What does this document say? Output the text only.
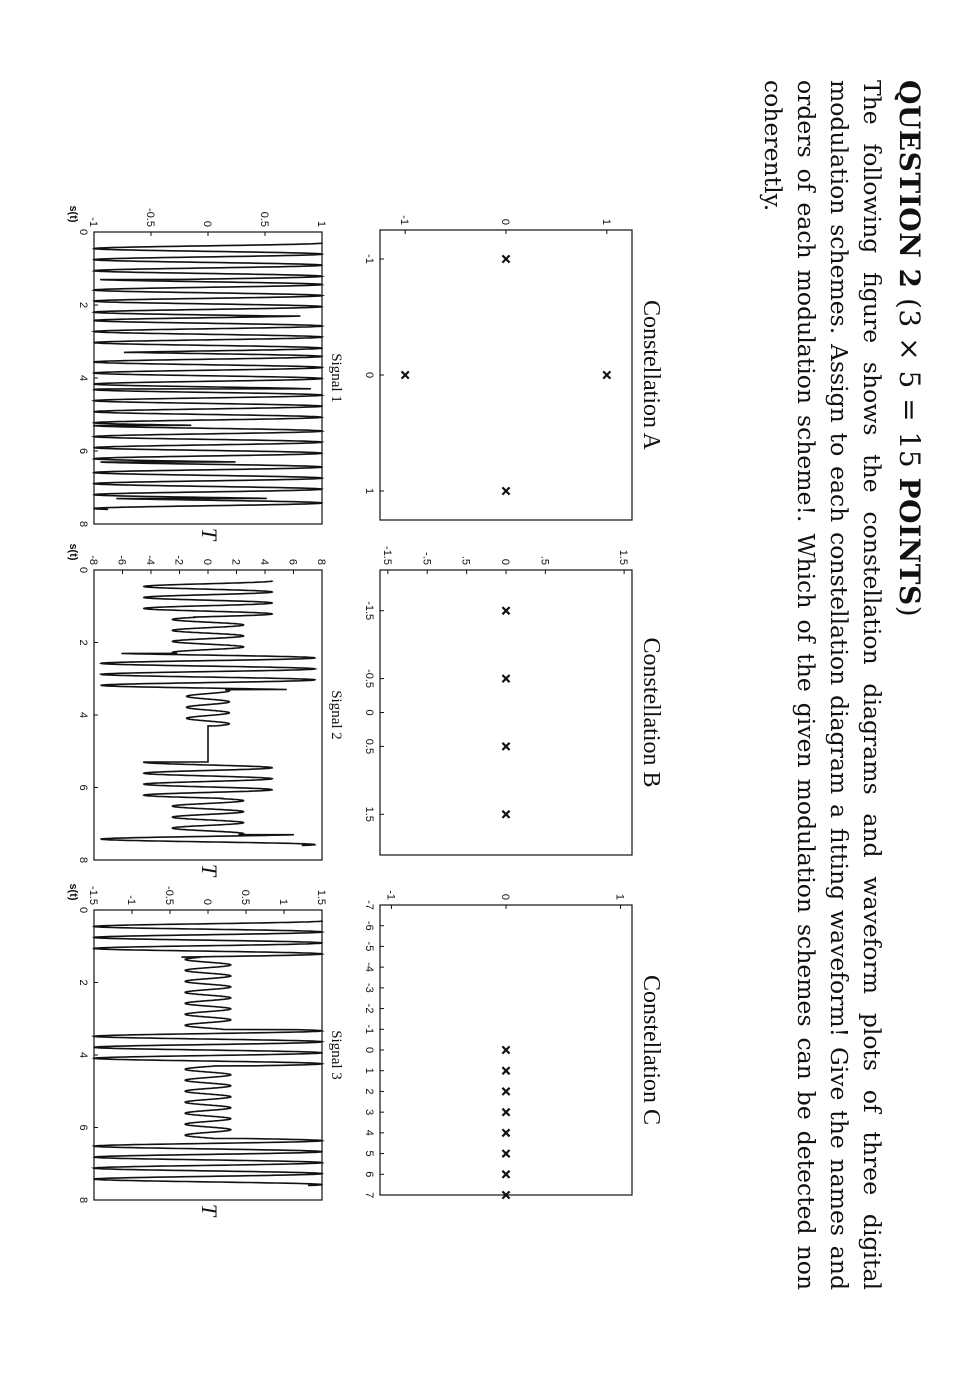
QUESTION 2 (3 × 5 = 15 POINTS)
The following figure shows the constellation diagrams and waveform plots of three digital modulation schemes. Assign to each constellation diagram a fitting waveform! Give the names and orders of each modulation scheme!. Which of the given modulation schemes can be detected non coherently.
Constellation A
-1
0
1
-1	0	1
Constellation B
-1.5
-0.5
0
0.5
1.5
-1.5 -.5 .5 0 .5	1.5
Constellation C
-7
-6
-5
-4
-3
-2
-1
0
1
2
3
4
5
6
7
-1	0	1
Signal 1
s(t)
T
0
2
4
6
8
-1	-0.5	0	0.5	1
Signal 2
s(t)
T
0
2
4
6
8
-8 -6 -4 -2 0 2 4 6 8
Signal 3
s(t)
T
0
2
4
6
8
-1.5 -1 -0.5 0 0.5 1 1.5
